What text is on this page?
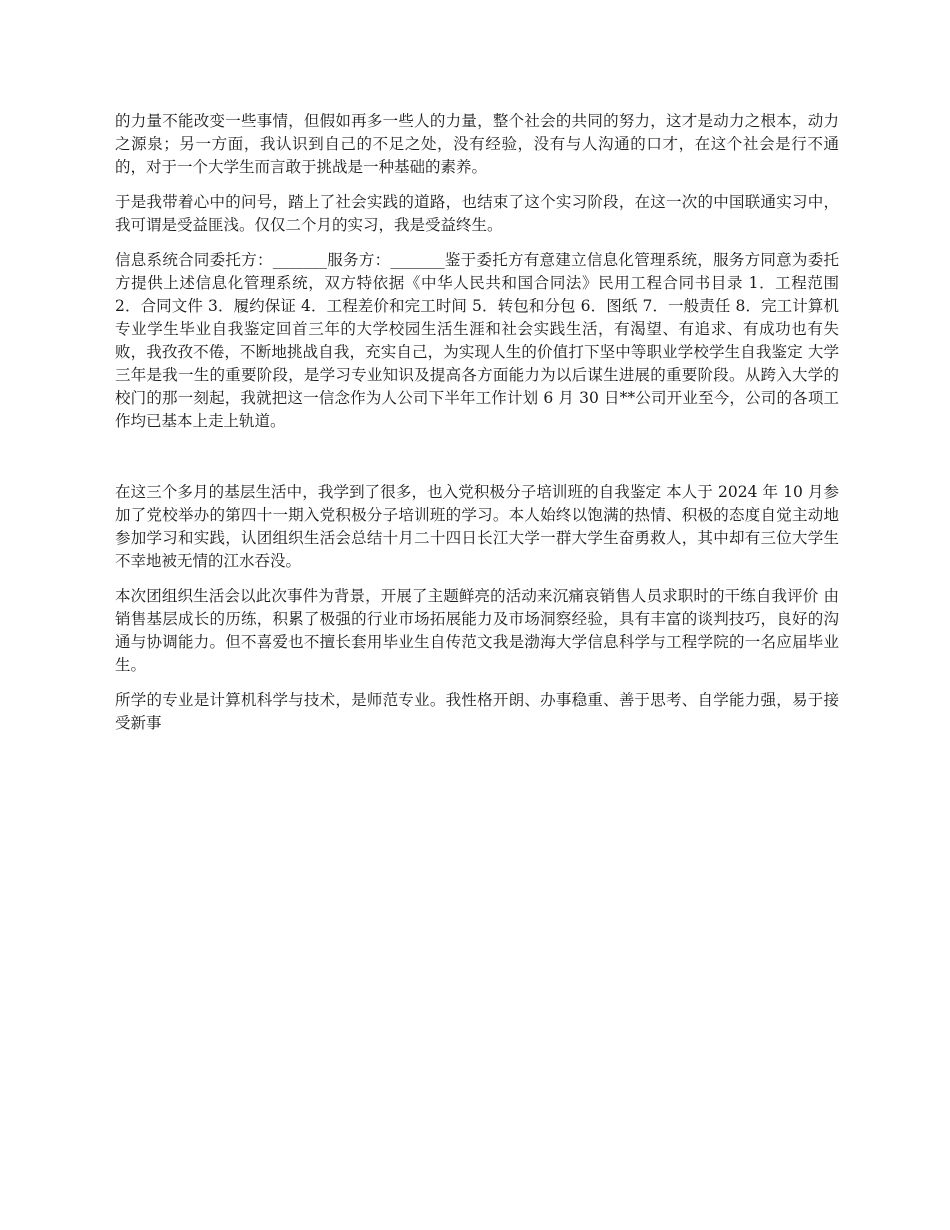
的力量不能改变一些事情，但假如再多一些人的力量，整个社会的共同的努力，这才是动力之根本，动力之源泉；另一方面，我认识到自己的不足之处，没有经验，没有与人沟通的口才，在这个社会是行不通的，对于一个大学生而言敢于挑战是一种基础的素养。

于是我带着心中的问号，踏上了社会实践的道路，也结束了这个实习阶段，在这一次的中国联通实习中，我可谓是受益匪浅。仅仅二个月的实习，我是受益终生。

信息系统合同委托方：_______服务方：_______鉴于委托方有意建立信息化管理系统，服务方同意为委托方提供上述信息化管理系统，双方特依据《中华人民共和国合同法》民用工程合同书目录 1．工程范围 2．合同文件 3．履约保证 4．工程差价和完工时间 5．转包和分包 6．图纸 7．一般责任 8．完工计算机专业学生毕业自我鉴定回首三年的大学校园生活生涯和社会实践生活，有渴望、有追求、有成功也有失败，我孜孜不倦，不断地挑战自我，充实自己，为实现人生的价值打下坚中等职业学校学生自我鉴定 大学三年是我一生的重要阶段，是学习专业知识及提高各方面能力为以后谋生进展的重要阶段。从跨入大学的校门的那一刻起，我就把这一信念作为人公司下半年工作计划 6 月 30 日**公司开业至今，公司的各项工作均已基本上走上轨道。

在这三个多月的基层生活中，我学到了很多，也入党积极分子培训班的自我鉴定 本人于 2024 年 10 月参加了党校举办的第四十一期入党积极分子培训班的学习。本人始终以饱满的热情、积极的态度自觉主动地参加学习和实践，认团组织生活会总结十月二十四日长江大学一群大学生奋勇救人，其中却有三位大学生不幸地被无情的江水吞没。

本次团组织生活会以此次事件为背景，开展了主题鲜亮的活动来沉痛哀销售人员求职时的干练自我评价 由销售基层成长的历练，积累了极强的行业市场拓展能力及市场洞察经验，具有丰富的谈判技巧，良好的沟通与协调能力。但不喜爱也不擅长套用毕业生自传范文我是渤海大学信息科学与工程学院的一名应届毕业生。

所学的专业是计算机科学与技术，是师范专业。我性格开朗、办事稳重、善于思考、自学能力强，易于接受新事
